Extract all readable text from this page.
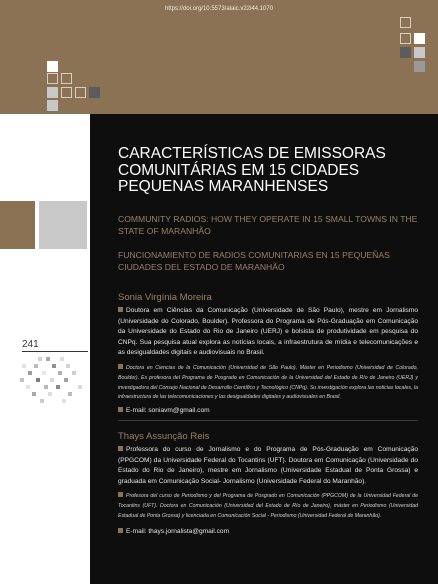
https://doi.org/10.5573/alaic.v22i44.1070
241
CARACTERÍSTICAS DE EMISSORAS COMUNITÁRIAS EM 15 CIDADES PEQUENAS MARANHENSES
COMMUNITY RADIOS: HOW THEY OPERATE IN 15 SMALL TOWNS IN THE STATE OF MARANHÃO
FUNCIONAMIENTO DE RADIOS COMUNITARIAS EN 15 PEQUEÑAS CIUDADES DEL ESTADO DE MARANHÃO
Sonia Virgínia Moreira
Doutora em Ciências da Comunicação (Universidade de São Paulo), mestre em Jornalismo (Universidade do Colorado, Boulder). Professora do Programa de Pós-Graduação em Comunicação da Universidade do Estado do Rio de Janeiro (UERJ) e bolsista de produtividade em pesquisa do CNPq. Sua pesquisa atual explora as notícias locais, a infraestrutura de mídia e telecomunicações e as desigualdades digitais e audiovisuais no Brasil.
Doctora en Ciencias de la Comunicación (Universidad de São Paulo), Máster en Periodismo (Universidad de Colorado, Boulder). Es profesora del Programa de Posgrado en Comunicación de la Universidad del Estado de Río de Janeiro (UERJ) y investigadora del Consejo Nacional de Desarrollo Científico y Tecnológico (CNPq). Su investigación explora las noticias locales, la infraestructura de las telecomunicaciones y las desigualdades digitales y audiovisuales en Brasil.
E-mail: soniavm@gmail.com
Thays Assunção Reis
Professora do curso de Jornalismo e do Programa de Pós-Graduação em Comunicação (PPGCOM) da Universidade Federal do Tocantins (UFT). Doutora em Comunicação (Universidade do Estado do Rio de Janeiro), mestre em Jornalismo (Universidade Estadual de Ponta Grossa) e graduada em Comunicação Social- Jornalismo (Universidade Federal do Maranhão).
Profesora del curso de Periodismo y del Programa de Posgrado en Comunicación (PPGCOM) de la Universidad Federal de Tocantins (UFT). Doctora en Comunicación (Universidad del Estado de Río de Janeiro), máster en Periodismo (Universidad Estadual de Ponta Grossa) y licenciada en Comunicación Social - Periodismo (Universidad Federal de Maranhão).
E-mail: thays.jornalista@gmail.com
